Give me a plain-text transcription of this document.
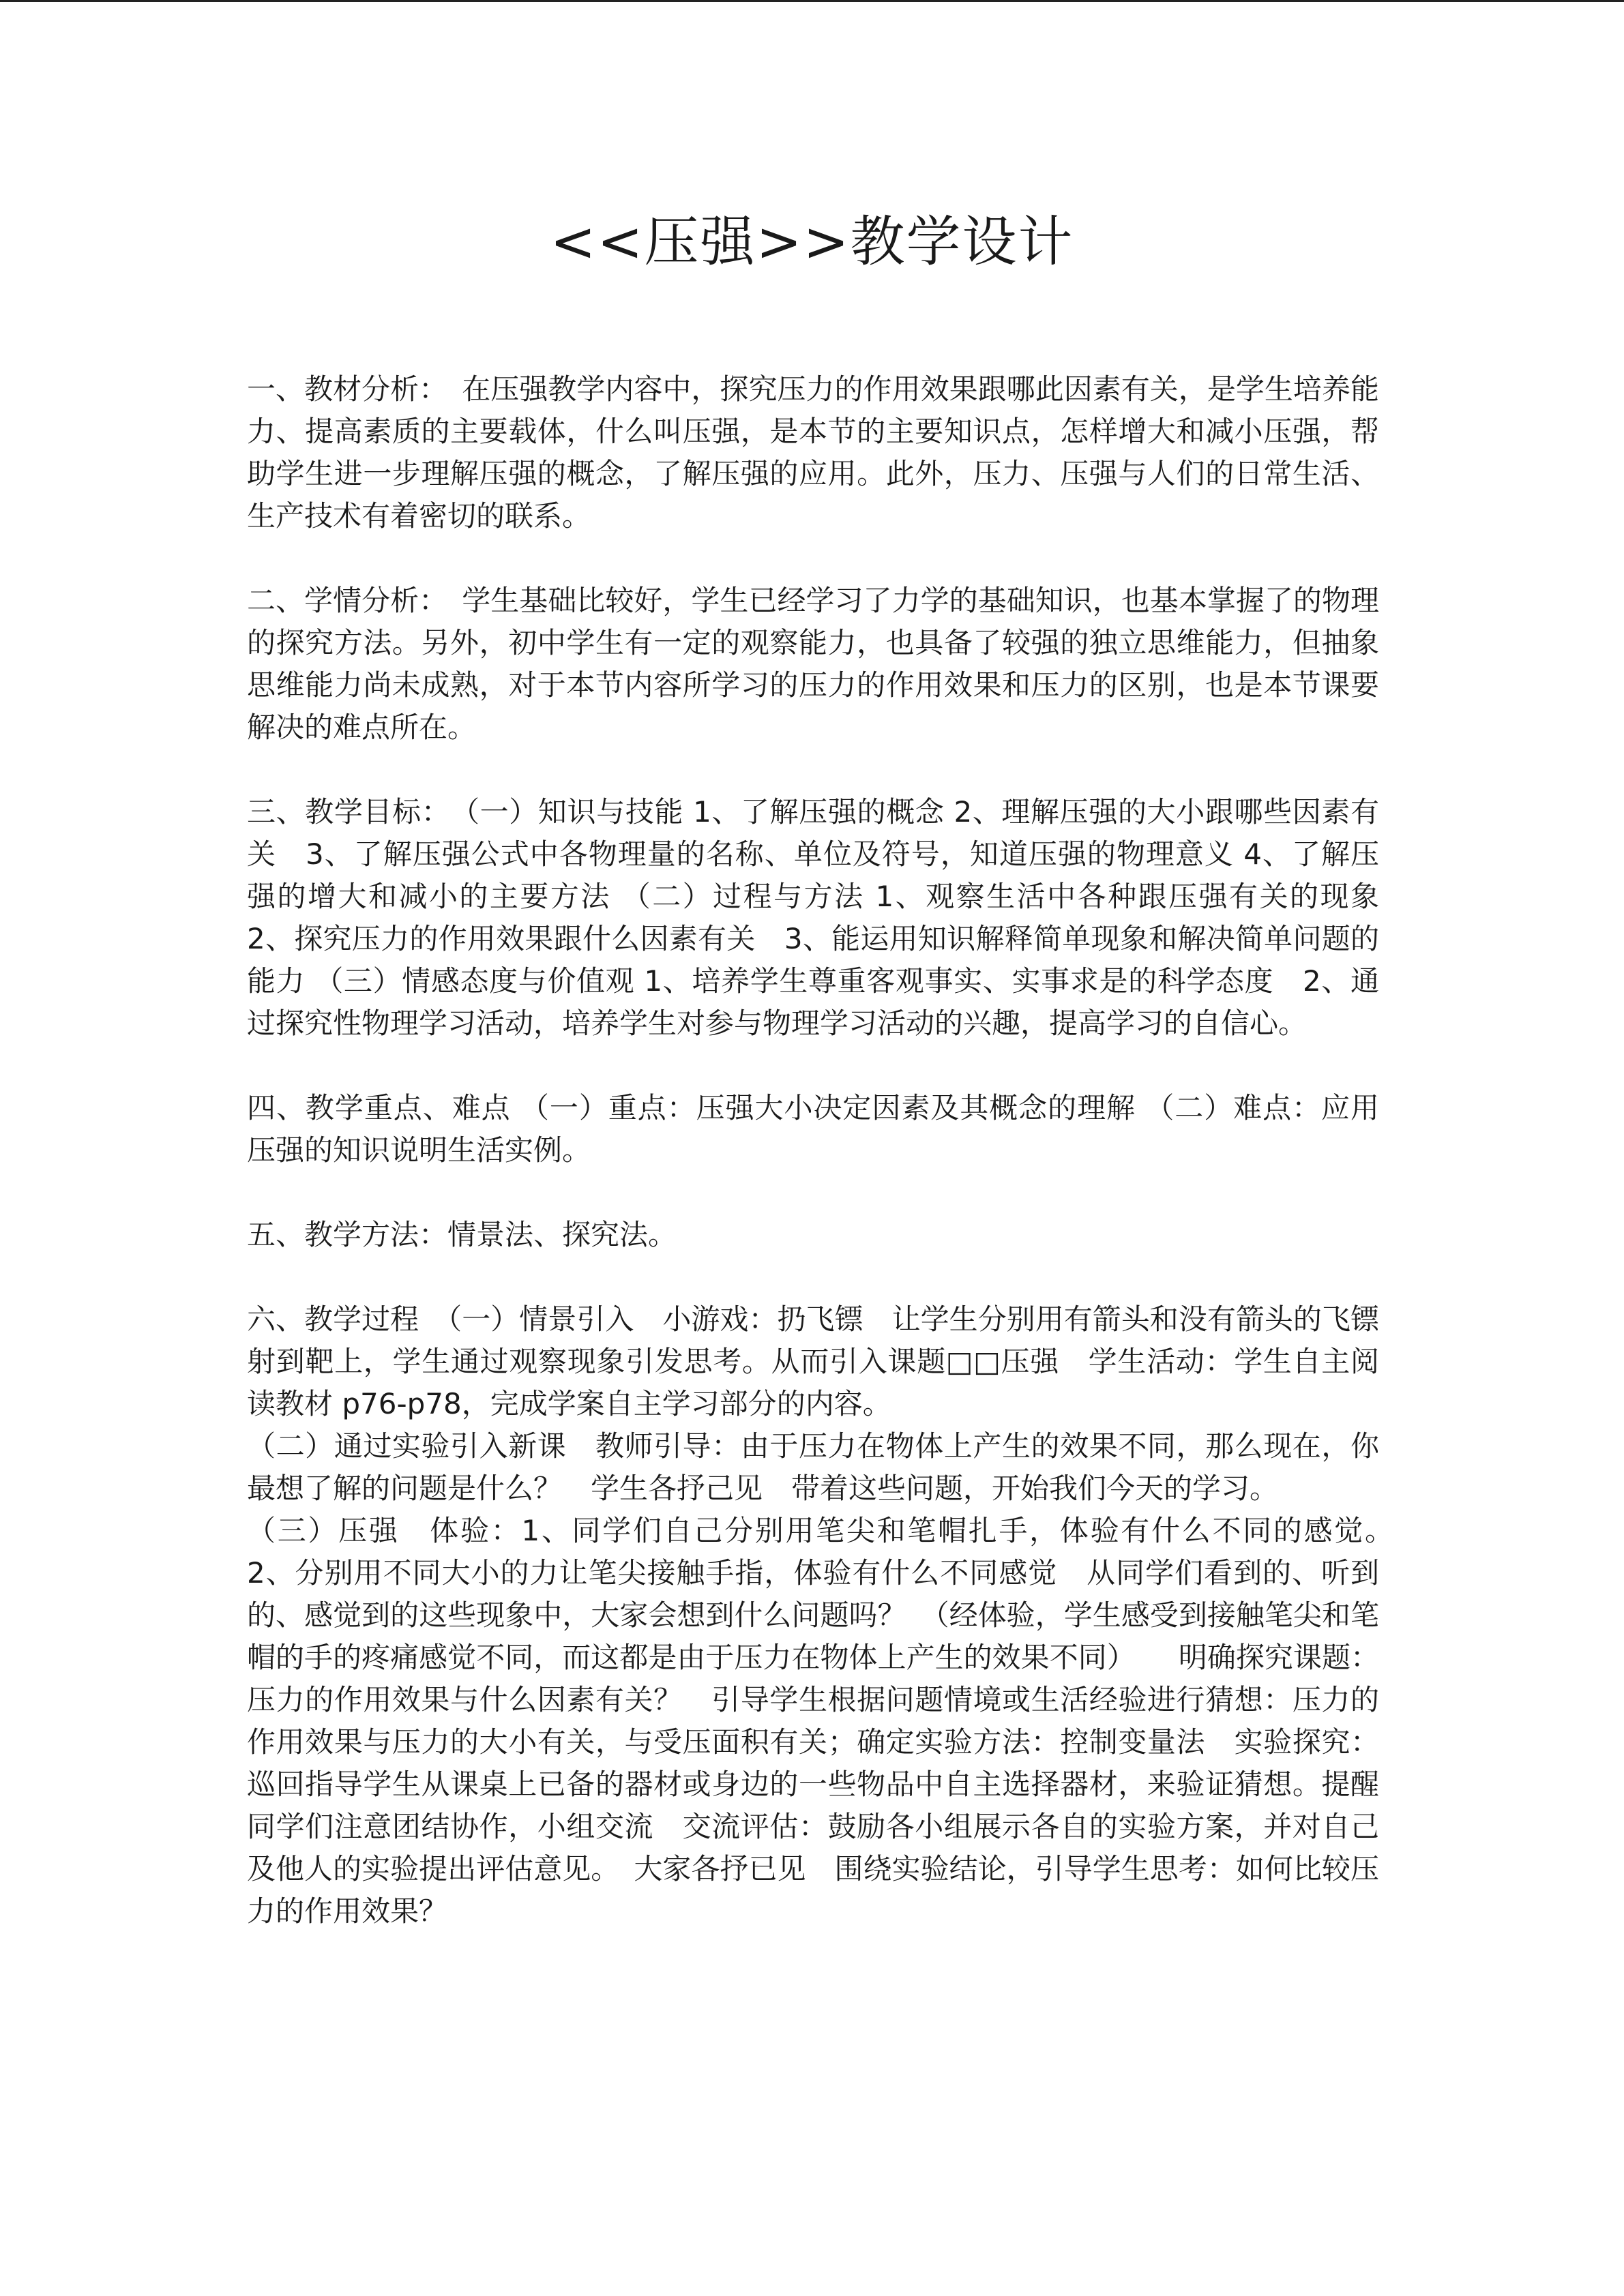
<<压强>>教学设计

一、教材分析：　在压强教学内容中，探究压力的作用效果跟哪此因素有关，是学生培养能力、提高素质的主要载体，什么叫压强，是本节的主要知识点，怎样增大和减小压强，帮助学生进一步理解压强的概念，了解压强的应用。此外，压力、压强与人们的日常生活、生产技术有着密切的联系。

二、学情分析：　学生基础比较好，学生已经学习了力学的基础知识，也基本掌握了的物理的探究方法。另外，初中学生有一定的观察能力，也具备了较强的独立思维能力，但抽象思维能力尚未成熟，对于本节内容所学习的压力的作用效果和压力的区别，也是本节课要解决的难点所在。

三、教学目标：　（一）知识与技能 1、了解压强的概念 2、理解压强的大小跟哪些因素有关　3、了解压强公式中各物理量的名称、单位及符号，知道压强的物理意义 4、了解压强的增大和减小的主要方法 （二）过程与方法 1、观察生活中各种跟压强有关的现象　2、探究压力的作用效果跟什么因素有关　3、能运用知识解释简单现象和解决简单问题的能力 （三）情感态度与价值观 1、培养学生尊重客观事实、实事求是的科学态度　2、通过探究性物理学习活动，培养学生对参与物理学习活动的兴趣，提高学习的自信心。

四、教学重点、难点 （一）重点：压强大小决定因素及其概念的理解 （二）难点：应用压强的知识说明生活实例。

五、教学方法：情景法、探究法。

六、教学过程　（一）情景引入　小游戏：扔飞镖　让学生分别用有箭头和没有箭头的飞镖射到靶上，学生通过观察现象引发思考。从而引入课题□□压强　学生活动：学生自主阅读教材 p76-p78，完成学案自主学习部分的内容。

（二）通过实验引入新课　教师引导：由于压力在物体上产生的效果不同，那么现在，你最想了解的问题是什么？　学生各抒己见　带着这些问题，开始我们今天的学习。

（三）压强　体验：1、同学们自己分别用笔尖和笔帽扎手，体验有什么不同的感觉。　　　2、分别用不同大小的力让笔尖接触手指，体验有什么不同感觉　从同学们看到的、听到的、感觉到的这些现象中，大家会想到什么问题吗？　（经体验，学生感受到接触笔尖和笔帽的手的疼痛感觉不同，而这都是由于压力在物体上产生的效果不同）　　明确探究课题：压力的作用效果与什么因素有关？　引导学生根据问题情境或生活经验进行猜想：压力的作用效果与压力的大小有关，与受压面积有关；确定实验方法：控制变量法　实验探究：巡回指导学生从课桌上已备的器材或身边的一些物品中自主选择器材，来验证猜想。提醒同学们注意团结协作，小组交流　交流评估：鼓励各小组展示各自的实验方案，并对自己及他人的实验提出评估意见。　大家各抒已见　围绕实验结论，引导学生思考：如何比较压力的作用效果？
